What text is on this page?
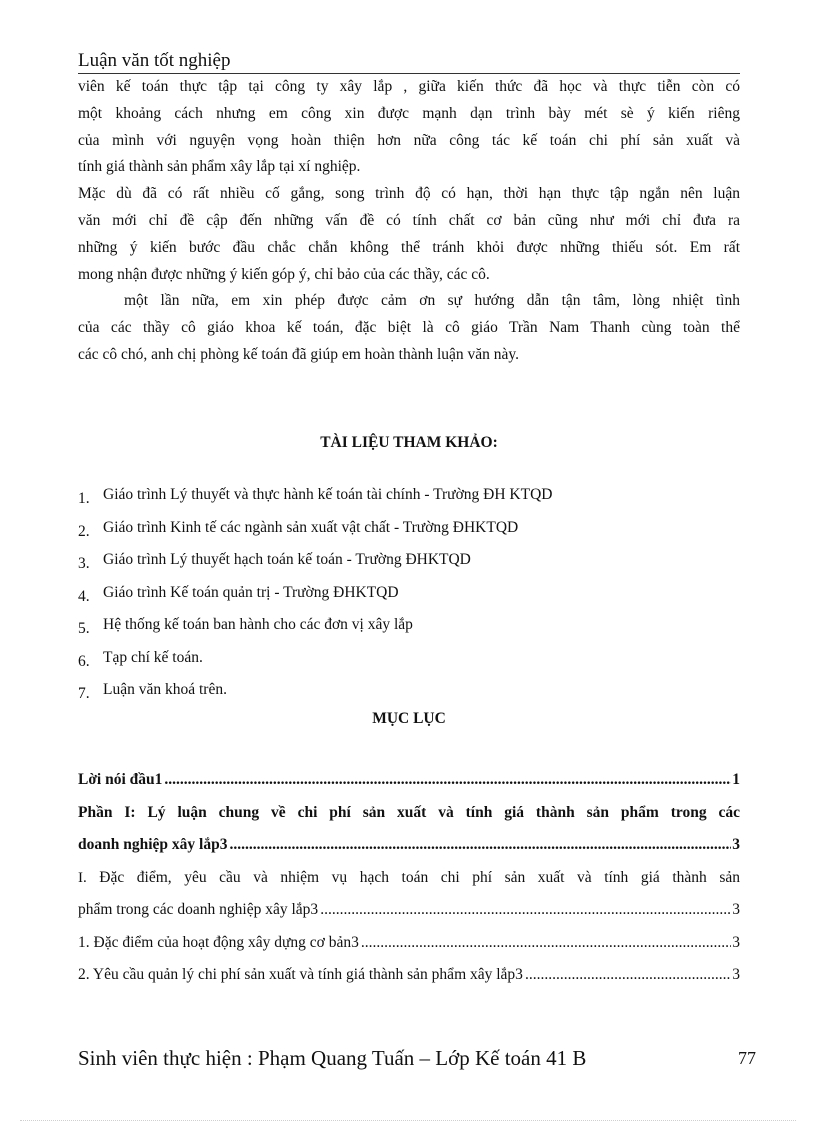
Luận văn tốt nghiệp

viên kế toán thực tập tại công ty xây lắp , giữa kiến thức đã học và thực tiễn còn có

một khoảng cách nhưng em công xin được mạnh dạn trình bày mét sè ý kiến riêng

của mình với nguyện vọng hoàn thiện hơn nữa công tác kế toán chi phí sản xuất và

tính giá thành sản phẩm xây lắp tại xí nghiệp.

Mặc dù đã có rất nhiều cố gắng, song trình độ có hạn, thời hạn thực tập ngắn nên luận

văn mới chỉ đề cập đến những vấn đề có tính chất cơ bản cũng như mới chỉ đưa ra

những ý kiến bước đầu chắc chắn không thể tránh khỏi được những thiếu sót. Em rất

mong nhận được những ý kiến góp ý, chỉ bảo của các thầy, các cô.

một lần nữa, em xin phép được cảm ơn sự hướng dẫn tận tâm, lòng nhiệt tình

của các thầy cô giáo khoa kế toán, đặc biệt là cô giáo Trần Nam Thanh cùng toàn thể

các cô chó, anh chị phòng kế toán đã giúp em hoàn thành luận văn này.

TÀI LIỆU THAM KHẢO:
1. Giáo trình Lý thuyết và thực hành kế toán tài chính - Trường ĐH KTQD
2. Giáo trình Kinh tế các ngành sản xuất vật chất - Trường ĐHKTQD
3. Giáo trình Lý thuyết hạch toán kế toán - Trường ĐHKTQD
4. Giáo trình Kế toán quản trị - Trường ĐHKTQD
5. Hệ thống kế toán ban hành cho các đơn vị xây lắp
6. Tạp chí kế toán.
7. Luận văn khoá trên.
MỤC LỤC
Lời nói đầu1 .....	1
Phần I: Lý luận chung về chi phí sản xuất và tính giá thành sản phẩm trong các
doanh nghiệp xây lắp3 .....	3
I. Đặc điểm, yêu cầu và nhiệm vụ hạch toán chi phí sản xuất và tính giá thành sản
phẩm trong các doanh nghiệp xây lắp3 .....	3
1. Đặc điểm của hoạt động xây dựng cơ bản3 .....	3
2. Yêu cầu quản lý chi phí sản xuất và tính giá thành sản phẩm xây lắp3 .....	3
Sinh viên thực hiện : Phạm Quang Tuấn – Lớp Kế toán 41 B	77
